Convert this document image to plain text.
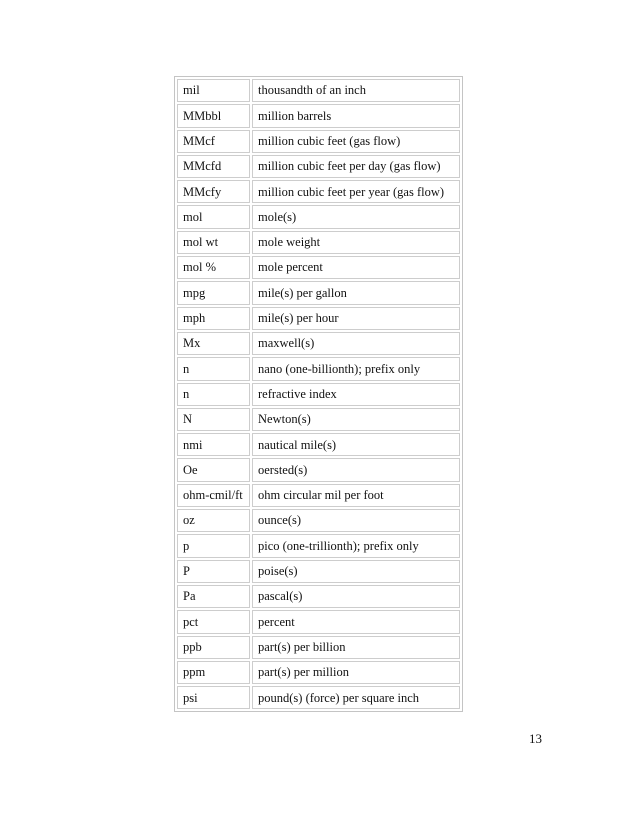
mil	thousandth of an inch
MMbbl	million barrels
MMcf	million cubic feet (gas flow)
MMcfd	million cubic feet per day (gas flow)
MMcfy	million cubic feet per year (gas flow)
mol	mole(s)
mol wt	mole weight
mol %	mole percent
mpg	mile(s) per gallon
mph	mile(s) per hour
Mx	maxwell(s)
n	nano (one-billionth); prefix only
n	refractive index
N	Newton(s)
nmi	nautical mile(s)
Oe	oersted(s)
ohm-cmil/ft	ohm circular mil per foot
oz	ounce(s)
p	pico (one-trillionth); prefix only
P	poise(s)
Pa	pascal(s)
pct	percent
ppb	part(s) per billion
ppm	part(s) per million
psi	pound(s) (force) per square inch
13
